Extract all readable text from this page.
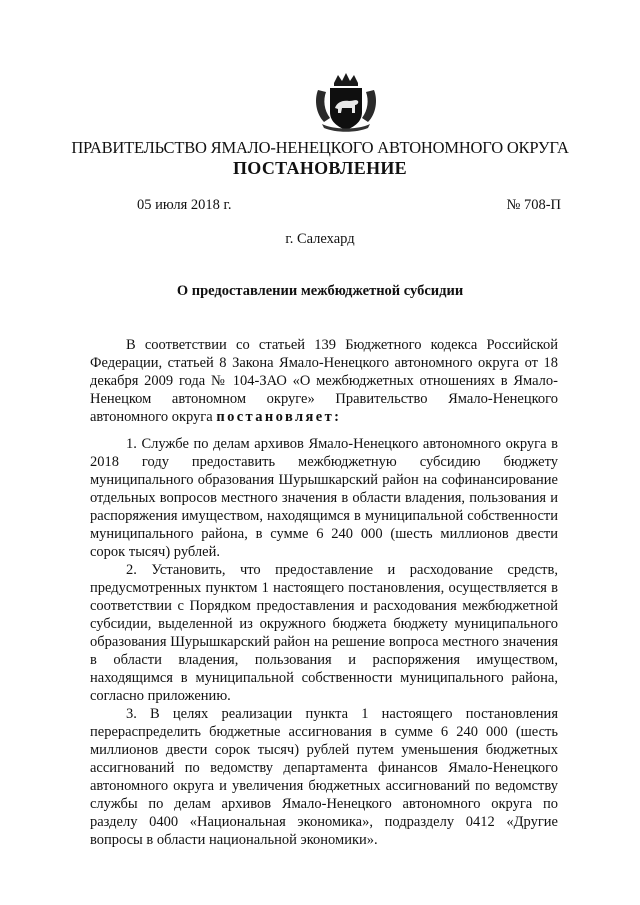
ПРАВИТЕЛЬСТВО ЯМАЛО-НЕНЕЦКОГО АВТОНОМНОГО ОКРУГА
ПОСТАНОВЛЕНИЕ
05 июля 2018 г.	№ 708-П
г. Салехард
О предоставлении межбюджетной субсидии

В соответствии со статьей 139 Бюджетного кодекса Российской Федерации, статьей 8 Закона Ямало-Ненецкого автономного округа от 18 декабря 2009 года № 104-ЗАО «О межбюджетных отношениях в Ямало-Ненецком автономном округе» Правительство Ямало-Ненецкого автономного округа постановляет:

1. Службе по делам архивов Ямало-Ненецкого автономного округа в 2018 году предоставить межбюджетную субсидию бюджету муниципального образования Шурышкарский район на софинансирование отдельных вопросов местного значения в области владения, пользования и распоряжения имуществом, находящимся в муниципальной собственности муниципального района, в сумме 6 240 000 (шесть миллионов двести сорок тысяч) рублей.

2. Установить, что предоставление и расходование средств, предусмотренных пунктом 1 настоящего постановления, осуществляется в соответствии с Порядком предоставления и расходования межбюджетной субсидии, выделенной из окружного бюджета бюджету муниципального образования Шурышкарский район на решение вопроса местного значения в области владения, пользования и распоряжения имуществом, находящимся в муниципальной собственности муниципального района, согласно приложению.

3. В целях реализации пункта 1 настоящего постановления перераспределить бюджетные ассигнования в сумме 6 240 000 (шесть миллионов двести сорок тысяч) рублей путем уменьшения бюджетных ассигнований по ведомству департамента финансов Ямало-Ненецкого автономного округа и увеличения бюджетных ассигнований по ведомству службы по делам архивов Ямало-Ненецкого автономного округа по разделу 0400 «Национальная экономика», подразделу 0412 «Другие вопросы в области национальной экономики».
